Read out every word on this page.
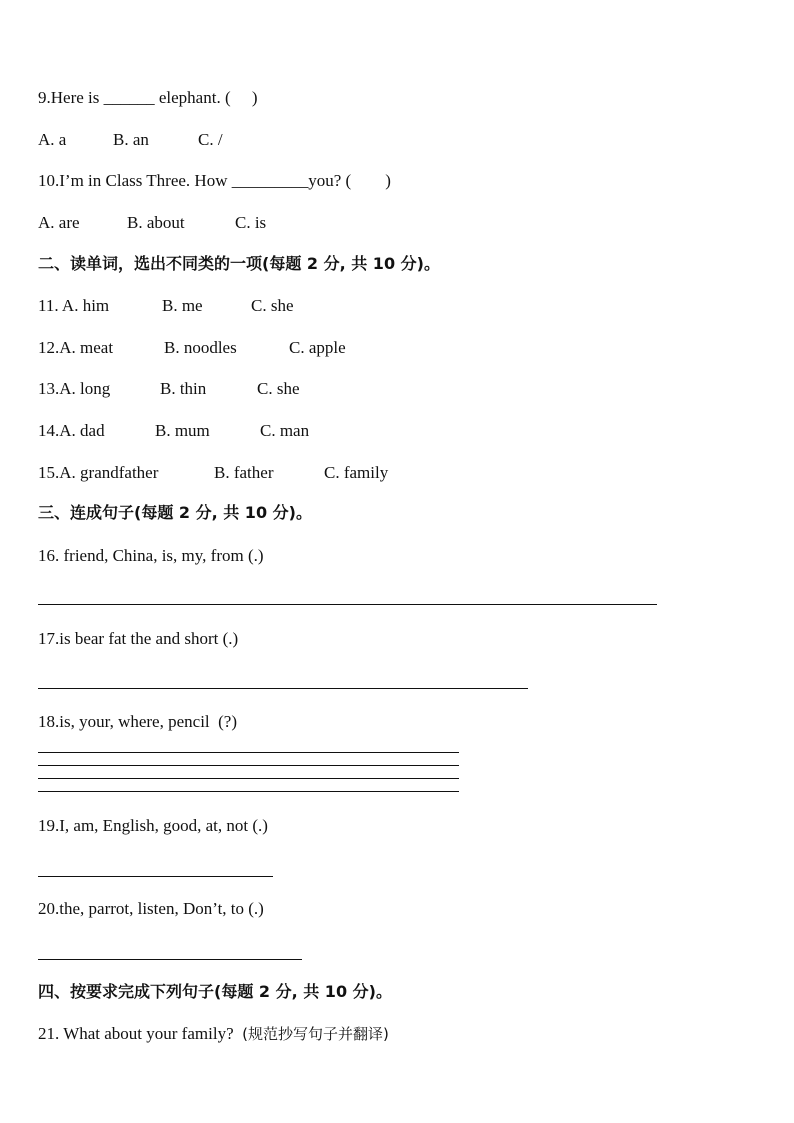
9.Here is ______ elephant. (     )
A. a	B. an	C. /
10.I’m in Class Three. How _________you? (        )
A. are	B. about	C. is
二、读单词，选出不同类的一项(每题 2 分, 共 10 分)。
11. A. him	B. me	C. she
12.A. meat	B. noodles	C. apple
13.A. long	B. thin	C. she
14.A. dad	B. mum	C. man
15.A. grandfather	B. father	C. family
三、连成句子(每题 2 分, 共 10 分)。
16. friend, China, is, my, from (.)
17.is bear fat the and short (.)
18.is, your, where, pencil  (?)
19.I, am, English, good, at, not (.)
20.the, parrot, listen, Don’t, to (.)
四、按要求完成下列句子(每题 2 分, 共 10 分)。
21. What about your family?  (规范抄写句子并翻译)
